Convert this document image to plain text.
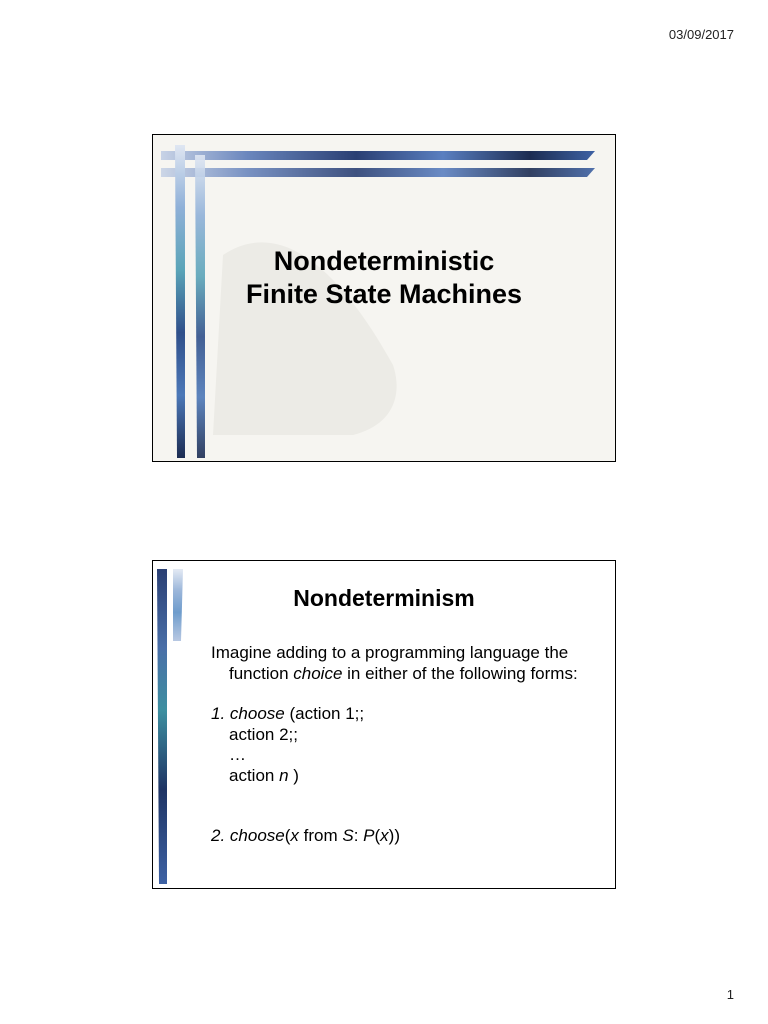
03/09/2017
Nondeterministic
Finite State Machines
Nondeterminism
Imagine adding to a programming language the
function choice in either of the following forms:
1. choose (action 1;;
action 2;;
…
action n )
2. choose(x from S: P(x))
1
